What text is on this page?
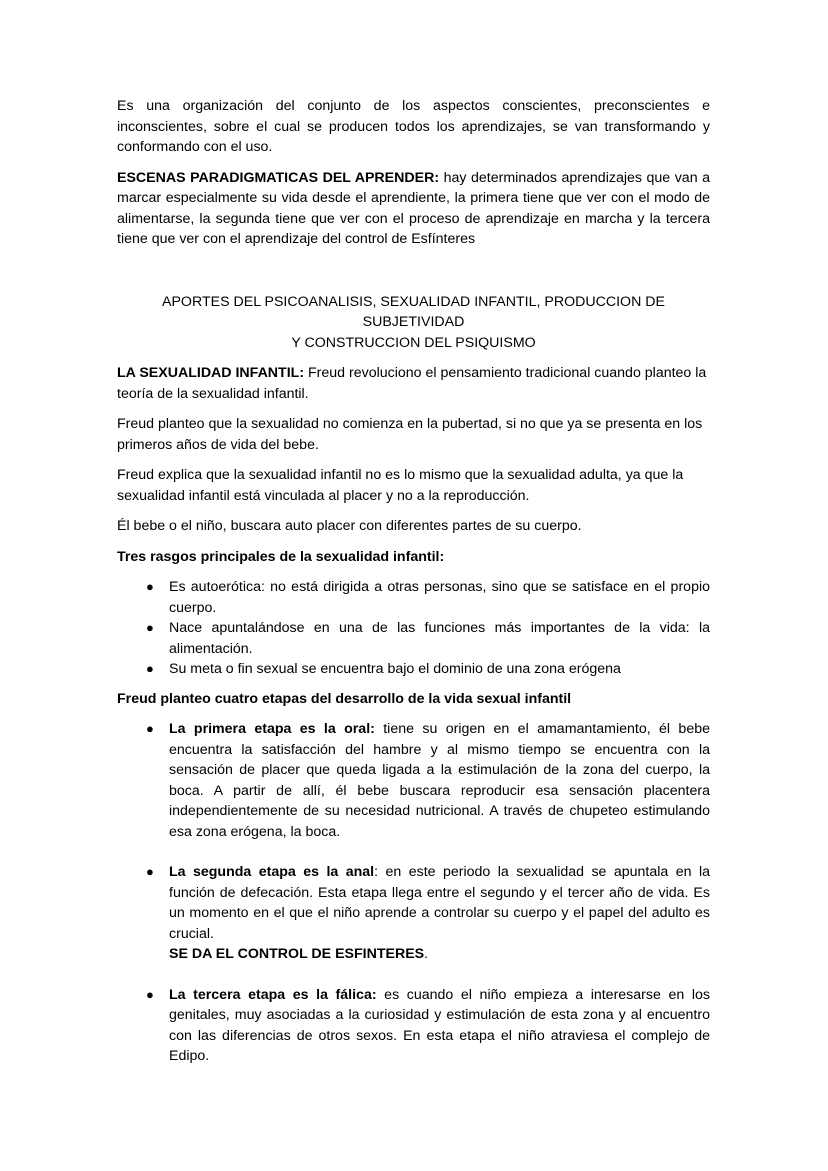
Es una organización del conjunto de los aspectos conscientes, preconscientes e inconscientes, sobre el cual se producen todos los aprendizajes, se van transformando y conformando con el uso.

ESCENAS PARADIGMATICAS DEL APRENDER: hay determinados aprendizajes que van a marcar especialmente su vida desde el aprendiente, la primera tiene que ver con el modo de alimentarse, la segunda tiene que ver con el proceso de aprendizaje en marcha y la tercera tiene que ver con el aprendizaje del control de Esfínteres

APORTES DEL PSICOANALISIS, SEXUALIDAD INFANTIL, PRODUCCION DE SUBJETIVIDAD
Y CONSTRUCCION DEL PSIQUISMO

LA SEXUALIDAD INFANTIL: Freud revoluciono el pensamiento tradicional cuando planteo la teoría de la sexualidad infantil.

Freud planteo que la sexualidad no comienza en la pubertad, si no que ya se presenta en los primeros años de vida del bebe.

Freud explica que la sexualidad infantil no es lo mismo que la sexualidad adulta, ya que la sexualidad infantil está vinculada al placer y no a la reproducción.

Él bebe o el niño, buscara auto placer con diferentes partes de su cuerpo.

Tres rasgos principales de la sexualidad infantil:

● Es autoerótica: no está dirigida a otras personas, sino que se satisface en el propio cuerpo.
● Nace apuntalándose en una de las funciones más importantes de la vida: la alimentación.
● Su meta o fin sexual se encuentra bajo el dominio de una zona erógena

Freud planteo cuatro etapas del desarrollo de la vida sexual infantil

● La primera etapa es la oral: tiene su origen en el amamantamiento, él bebe encuentra la satisfacción del hambre y al mismo tiempo se encuentra con la sensación de placer que queda ligada a la estimulación de la zona del cuerpo, la boca. A partir de allí, él bebe buscara reproducir esa sensación placentera independientemente de su necesidad nutricional. A través de chupeteo estimulando esa zona erógena, la boca.
● La segunda etapa es la anal: en este periodo la sexualidad se apuntala en la función de defecación. Esta etapa llega entre el segundo y el tercer año de vida. Es un momento en el que el niño aprende a controlar su cuerpo y el papel del adulto es crucial.
SE DA EL CONTROL DE ESFINTERES.
● La tercera etapa es la fálica: es cuando el niño empieza a interesarse en los genitales, muy asociadas a la curiosidad y estimulación de esta zona y al encuentro con las diferencias de otros sexos. En esta etapa el niño atraviesa el complejo de Edipo.
